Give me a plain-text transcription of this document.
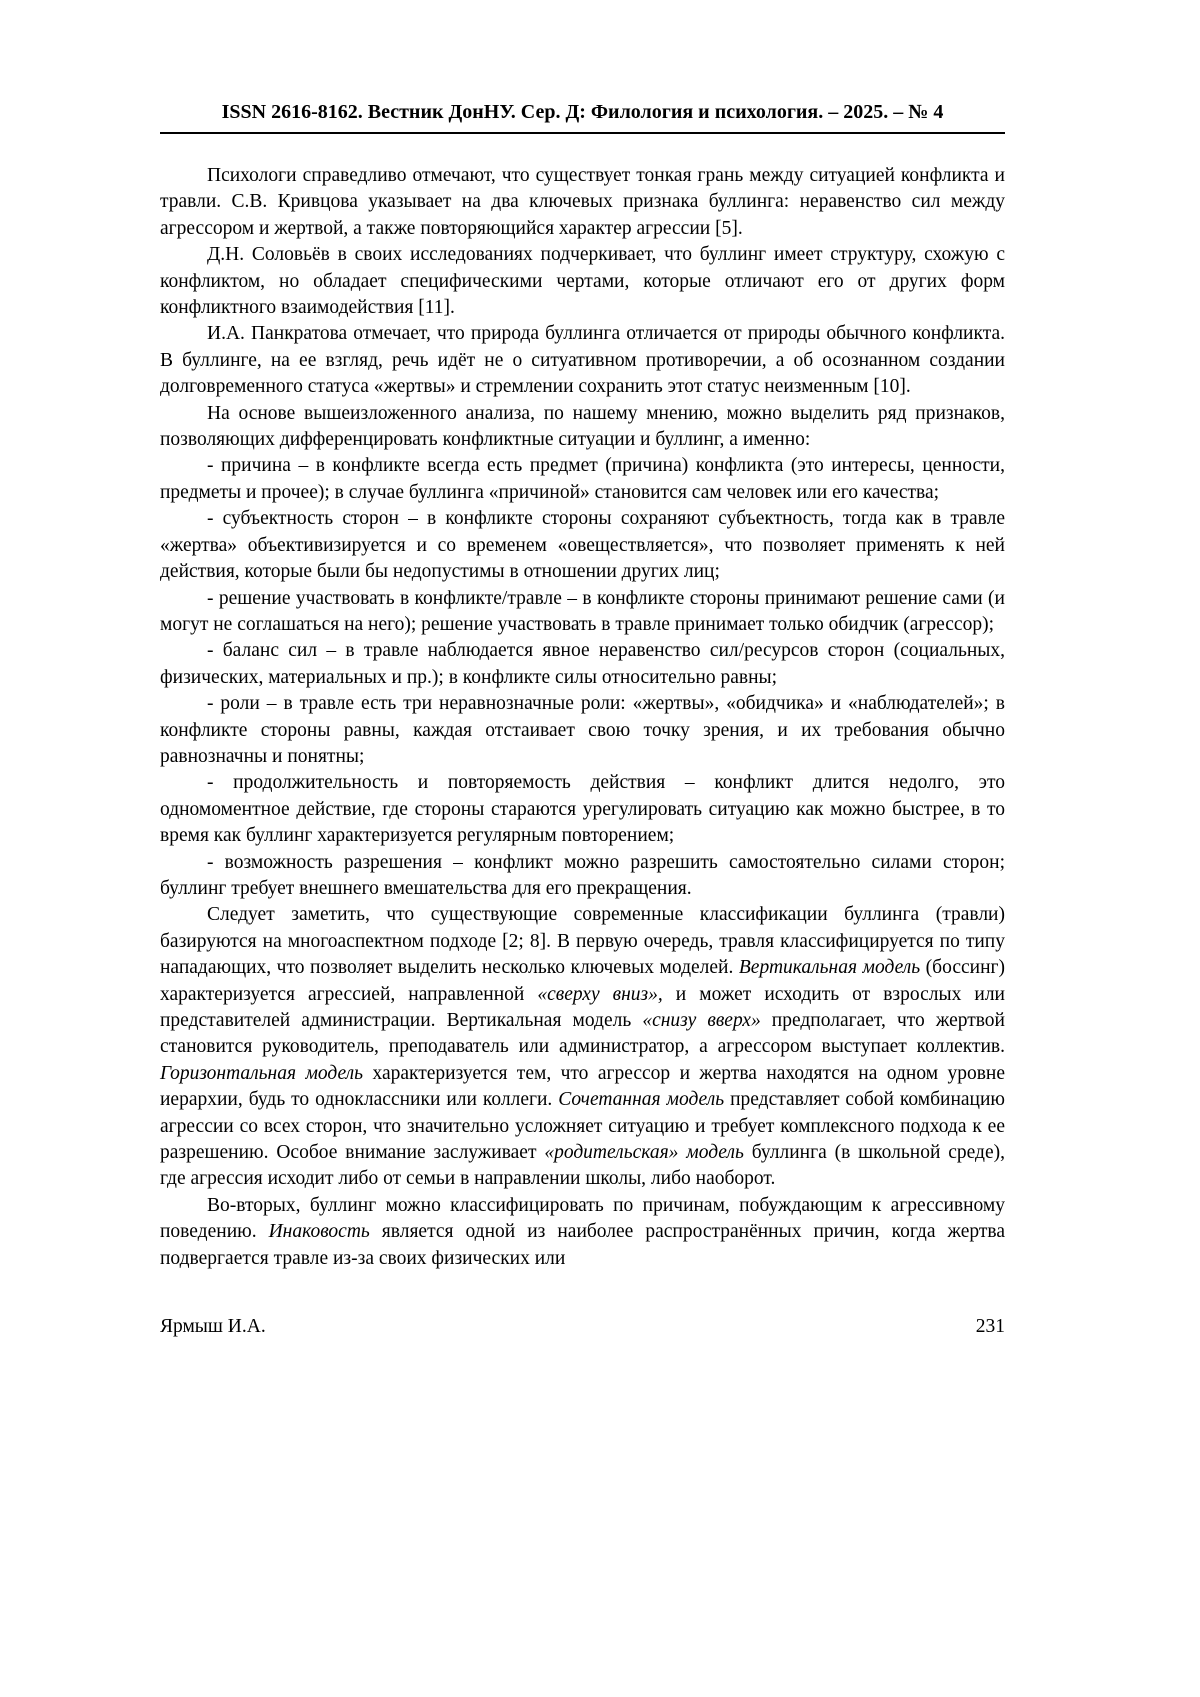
ISSN 2616-8162. Вестник ДонНУ. Сер. Д: Филология и психология. – 2025. – № 4

Психологи справедливо отмечают, что существует тонкая грань между ситуацией конфликта и травли. С.В. Кривцова указывает на два ключевых признака буллинга: неравенство сил между агрессором и жертвой, а также повторяющийся характер агрессии [5].

Д.Н. Соловьёв в своих исследованиях подчеркивает, что буллинг имеет структуру, схожую с конфликтом, но обладает специфическими чертами, которые отличают его от других форм конфликтного взаимодействия [11].

И.А. Панкратова отмечает, что природа буллинга отличается от природы обычного конфликта. В буллинге, на ее взгляд, речь идёт не о ситуативном противоречии, а об осознанном создании долговременного статуса «жертвы» и стремлении сохранить этот статус неизменным [10].

На основе вышеизложенного анализа, по нашему мнению, можно выделить ряд признаков, позволяющих дифференцировать конфликтные ситуации и буллинг, а именно:

- причина – в конфликте всегда есть предмет (причина) конфликта (это интересы, ценности, предметы и прочее); в случае буллинга «причиной» становится сам человек или его качества;

- субъектность сторон – в конфликте стороны сохраняют субъектность, тогда как в травле «жертва» объективизируется и со временем «овеществляется», что позволяет применять к ней действия, которые были бы недопустимы в отношении других лиц;

- решение участвовать в конфликте/травле – в конфликте стороны принимают решение сами (и могут не соглашаться на него); решение участвовать в травле принимает только обидчик (агрессор);

- баланс сил – в травле наблюдается явное неравенство сил/ресурсов сторон (социальных, физических, материальных и пр.); в конфликте силы относительно равны;

- роли – в травле есть три неравнозначные роли: «жертвы», «обидчика» и «наблюдателей»; в конфликте стороны равны, каждая отстаивает свою точку зрения, и их требования обычно равнозначны и понятны;

- продолжительность и повторяемость действия – конфликт длится недолго, это одномоментное действие, где стороны стараются урегулировать ситуацию как можно быстрее, в то время как буллинг характеризуется регулярным повторением;

- возможность разрешения – конфликт можно разрешить самостоятельно силами сторон; буллинг требует внешнего вмешательства для его прекращения.

Следует заметить, что существующие современные классификации буллинга (травли) базируются на многоаспектном подходе [2; 8]. В первую очередь, травля классифицируется по типу нападающих, что позволяет выделить несколько ключевых моделей. Вертикальная модель (боссинг) характеризуется агрессией, направленной «сверху вниз», и может исходить от взрослых или представителей администрации. Вертикальная модель «снизу вверх» предполагает, что жертвой становится руководитель, преподаватель или администратор, а агрессором выступает коллектив. Горизонтальная модель характеризуется тем, что агрессор и жертва находятся на одном уровне иерархии, будь то одноклассники или коллеги. Сочетанная модель представляет собой комбинацию агрессии со всех сторон, что значительно усложняет ситуацию и требует комплексного подхода к ее разрешению. Особое внимание заслуживает «родительская» модель буллинга (в школьной среде), где агрессия исходит либо от семьи в направлении школы, либо наоборот.

Во-вторых, буллинг можно классифицировать по причинам, побуждающим к агрессивному поведению. Инаковость является одной из наиболее распространённых причин, когда жертва подвергается травле из-за своих физических или

Ярмыш И.А.	231
